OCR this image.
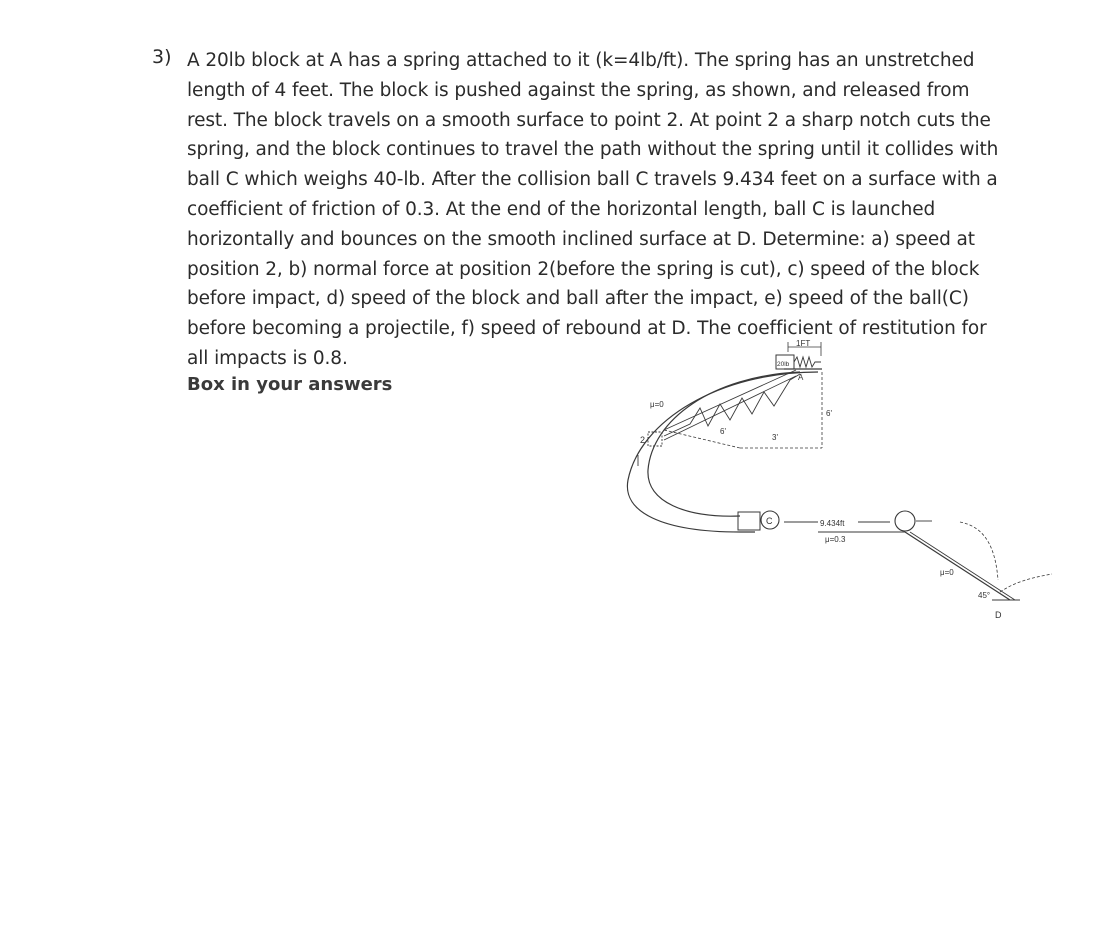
3) A 20lb block at A has a spring attached to it (k=4lb/ft). The spring has an unstretched
length of 4 feet. The block is pushed against the spring, as shown, and released from
rest. The block travels on a smooth surface to point 2. At point 2 a sharp notch cuts the
spring, and the block continues to travel the path without the spring until it collides with
ball C which weighs 40-lb. After the collision ball C travels 9.434 feet on a surface with a
coefficient of friction of 0.3. At the end of the horizontal length, ball C is launched
horizontally and bounces on the smooth inclined surface at D. Determine: a) speed at
position 2, b) normal force at position 2(before the spring is cut), c) speed of the block
before impact, d) speed of the block and ball after the impact, e) speed of the ball(C)
before becoming a projectile, f) speed of rebound at D. The coefficient of restitution for
all impacts is 0.8.

Box in your answers
1FT
20lb
A
μ=0
2
6'
3'
6'
C	9.434ft
μ=0.3
μ=0
45°
D
